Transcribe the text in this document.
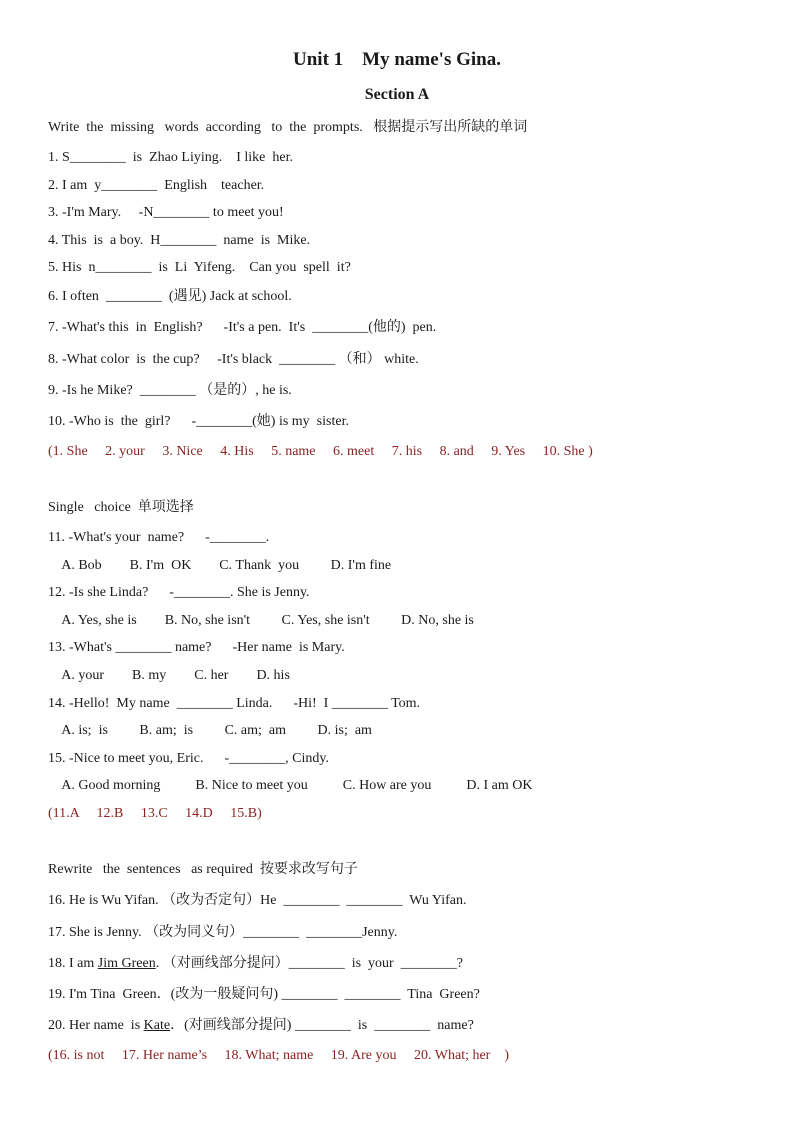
Unit 1    My name's Gina.
Section A
Write  the  missing   words  according   to  the  prompts.   根据提示写出所缺的单词
1. S________  is  Zhao Liying.    I like  her.
2. I am  y________  English    teacher.
3. -I'm Mary.     -N________ to meet you!
4. This  is  a boy.  H________  name  is  Mike.
5. His  n________  is  Li  Yifeng.    Can you  spell  it?
6. I often  ________  (遇见) Jack at school.
7. -What's this  in  English?      -It's a pen.  It's  ________(他的)  pen.
8. -What color  is  the cup?     -It's black  ________ （和） white.
9. -Is he Mike?  ________ （是的）, he is.
10. -Who is  the  girl?      -________(她) is my  sister.
(1. She     2. your     3. Nice     4. His     5. name     6. meet     7. his     8. and     9. Yes     10. She )
Single   choice  单项选择
11. -What's your  name?      -________.
A. Bob        B. I'm  OK        C. Thank  you         D. I'm fine
12. -Is she Linda?      -________. She is Jenny.
A. Yes, she is        B. No, she isn't         C. Yes, she isn't         D. No, she is
13. -What's ________ name?      -Her name  is Mary.
A. your        B. my        C. her        D. his
14. -Hello!  My name  ________ Linda.      -Hi!  I ________ Tom.
A. is;  is         B. am;  is         C. am;  am         D. is;  am
15. -Nice to meet you, Eric.      -________, Cindy.
A. Good morning          B. Nice to meet you          C. How are you          D. I am OK
(11.A     12.B     13.C     14.D     15.B)
Rewrite   the  sentences   as required  按要求改写句子
16. He is Wu Yifan. （改为否定句）He  ________  ________  Wu Yifan.
17. She is Jenny. （改为同义句）________  ________Jenny.
18. I am Jim Green. （对画线部分提问）________  is  your  ________?
19. I'm Tina  Green．(改为一般疑问句) ________  ________  Tina  Green?
20. Her name  is Kate．(对画线部分提问) ________  is  ________  name?
(16. is not     17. Her name’s     18. What; name     19. Are you     20. What; her    )
